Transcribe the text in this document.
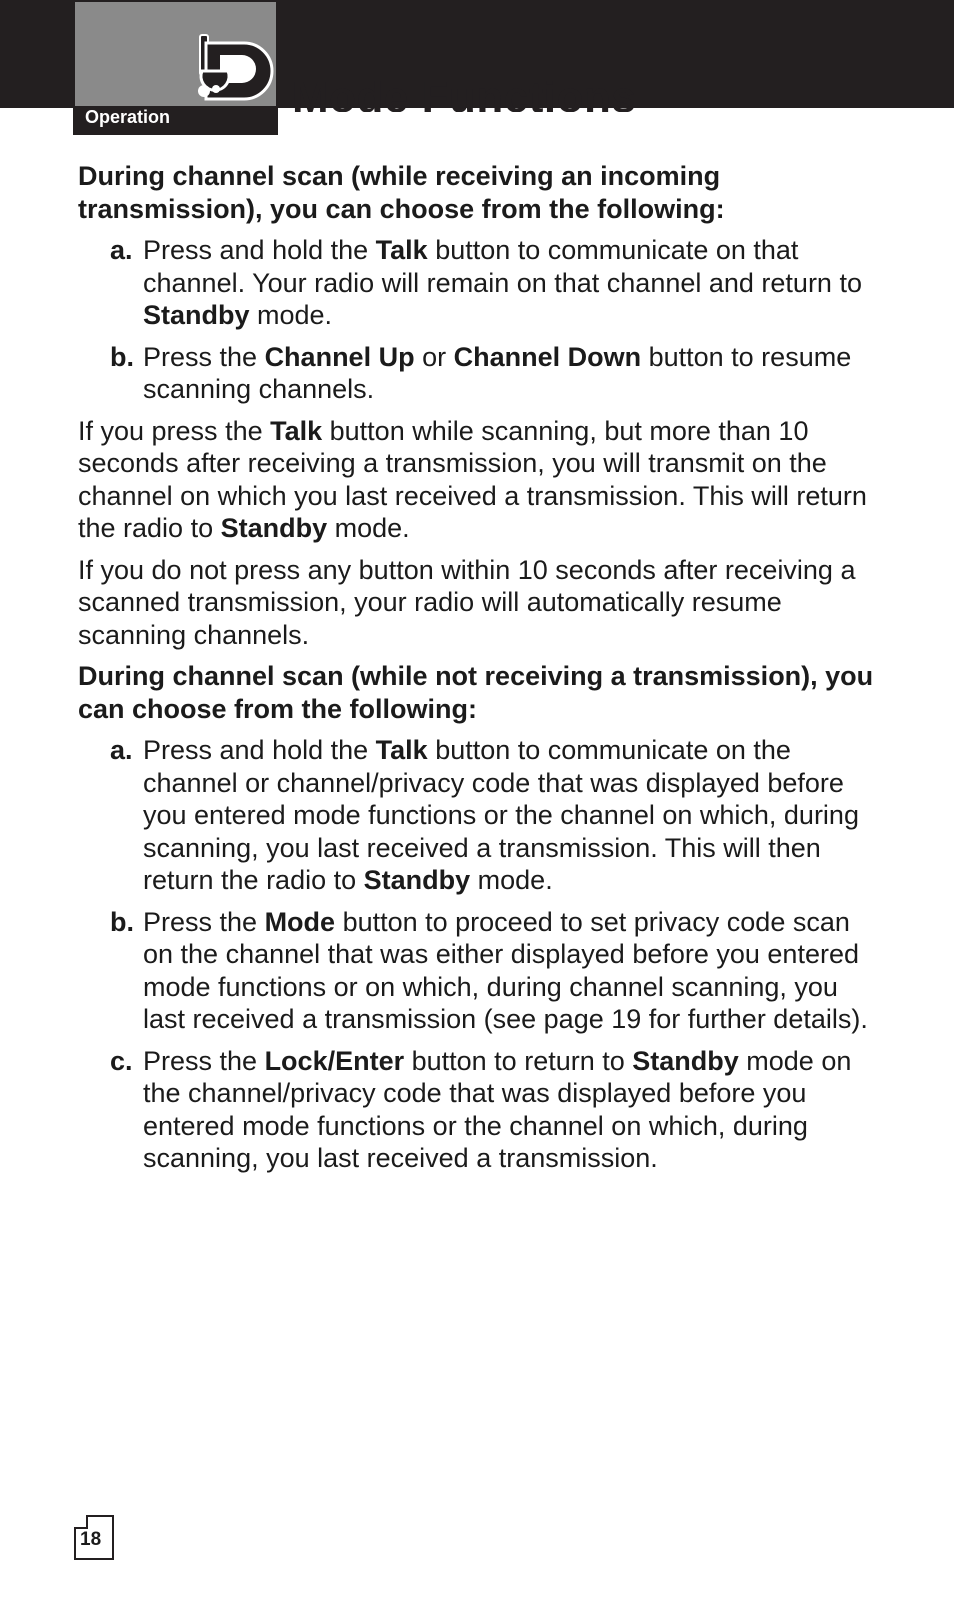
Operation	Mode Functions

During channel scan (while receiving an incoming transmission), you can choose from the following:

a. Press and hold the Talk button to communicate on that channel. Your radio will remain on that channel and return to Standby mode.
b. Press the Channel Up or Channel Down button to resume scanning channels.

If you press the Talk button while scanning, but more than 10 seconds after receiving a transmission, you will transmit on the channel on which you last received a transmission. This will return the radio to Standby mode.

If you do not press any button within 10 seconds after receiving a scanned transmission, your radio will automatically resume scanning channels.

During channel scan (while not receiving a transmission), you can choose from the following:

a. Press and hold the Talk button to communicate on the channel or channel/privacy code that was displayed before you entered mode functions or the channel on which, during scanning, you last received a transmission. This will then return the radio to Standby mode.
b. Press the Mode button to proceed to set privacy code scan on the channel that was either displayed before you entered mode functions or on which, during channel scanning, you last received a transmission (see page 19 for further details).
c. Press the Lock/Enter button to return to Standby mode on the channel/privacy code that was displayed before you entered mode functions or the channel on which, during scanning, you last received a transmission.
18
